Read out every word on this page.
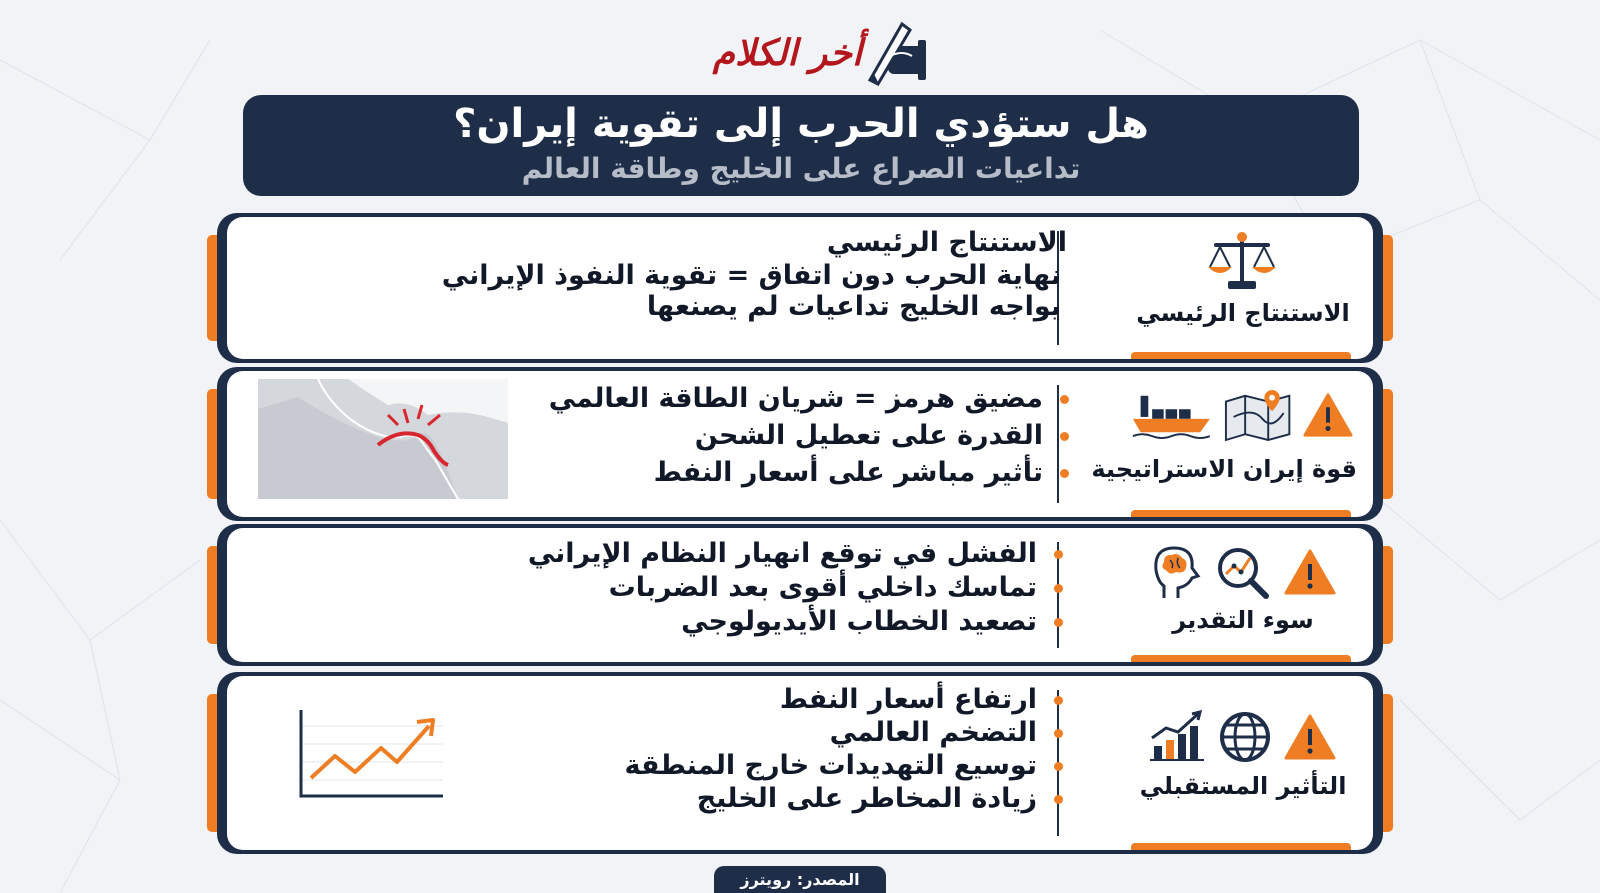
أخر الكلام
هل ستؤدي الحرب إلى تقوية إيران؟
تداعيات الصراع على الخليج وطاقة العالم
الاستنتاج الرئيسي
الاستنتاج الرئيسي
نهاية الحرب دون اتفاق = تقوية النفوذ الإيراني
يواجه الخليج تداعيات لم يصنعها
قوة إيران الاستراتيجية
مضيق هرمز = شريان الطاقة العالمي
القدرة على تعطيل الشحن
تأثير مباشر على أسعار النفط
سوء التقدير
الفشل في توقع انهيار النظام الإيراني
تماسك داخلي أقوى بعد الضربات
تصعيد الخطاب الأيديولوجي
التأثير المستقبلي
ارتفاع أسعار النفط
التضخم العالمي
توسيع التهديدات خارج المنطقة
زيادة المخاطر على الخليج
المصدر: رويترز
